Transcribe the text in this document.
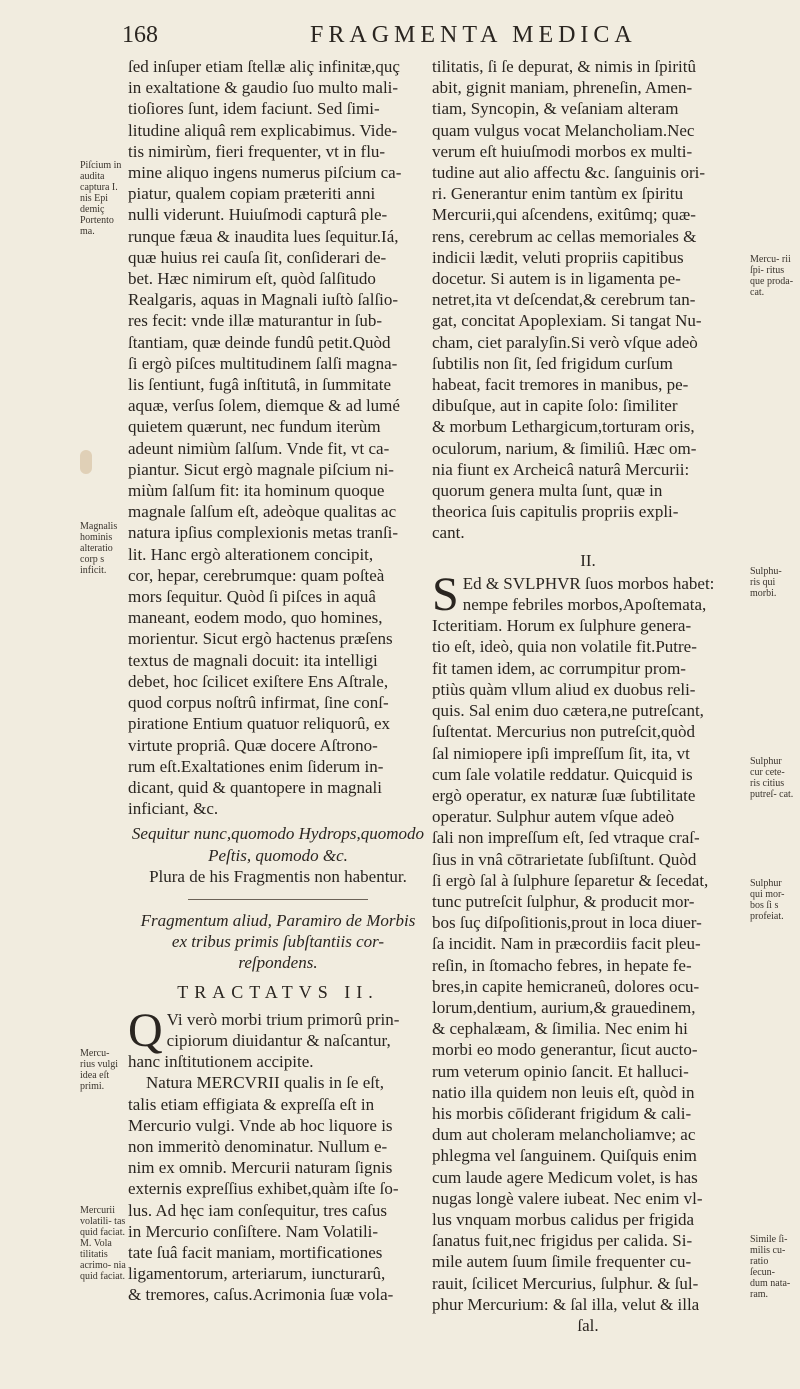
168	FRAGMENTA MEDICA
Piſcium in audita captura I. nis Epi demiç Portento ma.
Magnalis hominis alteratio corp s inficit.
Mercu- rius vulgi idea eſt primi.
Mercurii volatili- tas quid faciat. M. Vola tilitatis acrimo- nia quid faciat.
Mercu- rii ſpi- ritus que proda- cat.
Sulphu- ris qui morbi.
Sulphur cur cete- ris citius putreſ- cat.
Sulphur qui mor- bos ſi s profeiat.
Simile ſi- milis cu- ratio ſecun- dum nata- ram.
ſed inſuper etiam ſtellæ aliç infinitæ,quç
in exaltatione & gaudio ſuo multo mali-
tioſiores ſunt, idem faciunt. Sed ſimi-
litudine aliquâ rem explicabimus. Vide-
tis nimirùm, fieri frequenter, vt in flu-
mine aliquo ingens numerus piſcium ca-
piatur, qualem copiam præteriti anni
nulli viderunt. Huiuſmodi capturâ ple-
runque fæua & inaudita lues ſequitur.Iá,
quæ huius rei cauſa ſit, conſiderari de-
bet. Hæc nimirum eſt, quòd ſalſitudo
Realgaris, aquas in Magnali iuſtò ſalſio-
res fecit: vnde illæ maturantur in ſub-
ſtantiam, quæ deinde fundû petit.Quòd
ſi ergò piſces multitudinem ſalſi magna-
lis ſentiunt, fugâ inſtitutâ, in ſummitate
aquæ, verſus ſolem, diemque & ad lumé
quietem quærunt, nec fundum iterùm
adeunt nimiùm ſalſum. Vnde fit, vt ca-
piantur. Sicut ergò magnale piſcium ni-
miùm ſalſum fit: ita hominum quoque
magnale ſalſum eſt, adeòque qualitas ac
natura ipſius complexionis metas tranſi-
lit. Hanc ergò alterationem concipit,
cor, hepar, cerebrumque: quam poſteà
mors ſequitur. Quòd ſi piſces in aquâ
maneant, eodem modo, quo homines,
morientur. Sicut ergò hactenus præſens
textus de magnali docuit: ita intelligi
debet, hoc ſcilicet exiſtere Ens Aſtrale,
quod corpus noſtrû infirmat, ſine conſ-
piratione Entium quatuor reliquorû, ex
virtute propriâ. Quæ docere Aſtrono-
rum eſt.Exaltationes enim ſiderum in-
dicant, quid & quantopere in magnali
inficiant, &c.
Sequitur nunc,quomodo Hydrops,quomodo
Peſtis, quomodo &c.
Plura de his Fragmentis non habentur.
Fragmentum aliud, Paramiro de Morbis
ex tribus primis ſubſtantiis cor-
reſpondens.
TRACTATVS II.
Q Vi verò morbi trium primorû prin-
cipiorum diuidantur & naſcantur,
hanc inſtitutionem accipite.
Natura MERCVRII qualis in ſe eſt,
talis etiam effigiata & expreſſa eſt in
Mercurio vulgi. Vnde ab hoc liquore is
non immeritò denominatur. Nullum e-
nim ex omnib. Mercurii naturam ſignis
externis expreſſius exhibet,quàm iſte ſo-
lus. Ad hęc iam conſequitur, tres caſus
in Mercurio conſiſtere. Nam Volatili-
tate ſuâ facit maniam, mortificationes
ligamentorum, arteriarum, iuncturarû,
& tremores, caſus.Acrimonia ſuæ vola-
tilitatis, ſi ſe depurat, & nimis in ſpiritû
abit, gignit maniam, phreneſin, Amen-
tiam, Syncopin, & veſaniam alteram
quam vulgus vocat Melancholiam.Nec
verum eſt huiuſmodi morbos ex multi-
tudine aut alio affectu &c. ſanguinis ori-
ri. Generantur enim tantùm ex ſpiritu
Mercurii,qui aſcendens, exitûmq; quæ-
rens, cerebrum ac cellas memoriales &
indicii lædit, veluti propriis capitibus
docetur. Si autem is in ligamenta pe-
netret,ita vt deſcendat,& cerebrum tan-
gat, concitat Apoplexiam. Si tangat Nu-
cham, ciet paralyſin.Si verò vſque adeò
ſubtilis non ſit, ſed frigidum curſum
habeat, facit tremores in manibus, pe-
dibuſque, aut in capite ſolo: ſimiliter
& morbum Lethargicum,torturam oris,
oculorum, narium, & ſimiliû. Hæc om-
nia fiunt ex Archeicâ naturâ Mercurii:
quorum genera multa ſunt, quæ in
theorica ſuis capitulis propriis expli-
cant.
II.
S Ed & SVLPHVR ſuos morbos habet:
nempe febriles morbos,Apoſtemata,
Icteritiam. Horum ex ſulphure genera-
tio eſt, ideò, quia non volatile fit.Putre-
fit tamen idem, ac corrumpitur prom-
ptiùs quàm vllum aliud ex duobus reli-
quis. Sal enim duo cætera,ne putreſcant,
ſuſtentat. Mercurius non putreſcit,quòd
ſal nimiopere ipſi impreſſum ſit, ita, vt
cum ſale volatile reddatur. Quicquid is
ergò operatur, ex naturæ ſuæ ſubtilitate
operatur. Sulphur autem vſque adeò
ſali non impreſſum eſt, ſed vtraque craſ-
ſius in vnâ cōtrarietate ſubſiſtunt. Quòd
ſi ergò ſal à ſulphure ſeparetur & ſecedat,
tunc putreſcit ſulphur, & producit mor-
bos ſuç diſpoſitionis,prout in loca diuer-
ſa incidit. Nam in præcordiis facit pleu-
reſin, in ſtomacho febres, in hepate fe-
bres,in capite hemicraneû, dolores ocu-
lorum,dentium, aurium,& grauedinem,
& cephalæam, & ſimilia. Nec enim hi
morbi eo modo generantur, ſicut aucto-
rum veterum opinio ſancit. Et halluci-
natio illa quidem non leuis eſt, quòd in
his morbis cōſiderant frigidum & cali-
dum aut choleram melancholiamve; ac
phlegma vel ſanguinem. Quiſquis enim
cum laude agere Medicum volet, is has
nugas longè valere iubeat. Nec enim vl-
lus vnquam morbus calidus per frigida
ſanatus fuit,nec frigidus per calida. Si-
mile autem ſuum ſimile frequenter cu-
rauit, ſcilicet Mercurius, ſulphur. & ſul-
phur Mercurium: & ſal illa, velut & illa
ſal.
